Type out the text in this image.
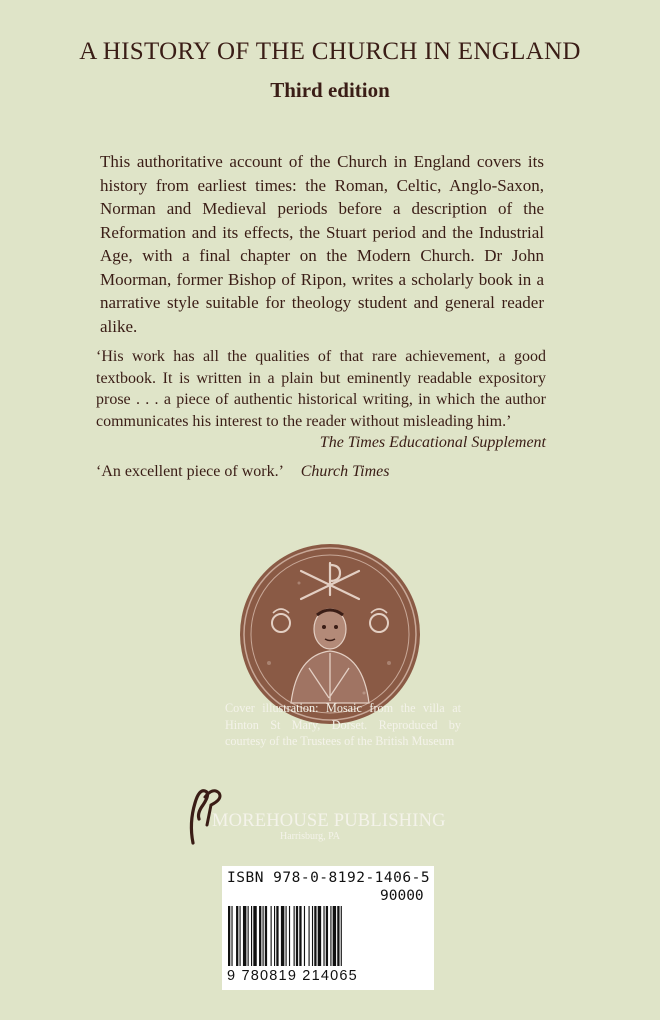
A HISTORY OF THE CHURCH IN ENGLAND
Third edition

This authoritative account of the Church in England covers its history from earliest times: the Roman, Celtic, Anglo-Saxon, Norman and Medieval periods before a description of the Reformation and its effects, the Stuart period and the Industrial Age, with a final chapter on the Modern Church. Dr John Moorman, former Bishop of Ripon, writes a scholarly book in a narrative style suitable for theology student and general reader alike.

‘His work has all the qualities of that rare achievement, a good textbook. It is written in a plain but eminently readable expository prose . . . a piece of authentic historical writing, in which the author communicates his interest to the reader without misleading him.’
The Times Educational Supplement

‘An excellent piece of work.’ Church Times

Cover illustration: Mosaic from the villa at Hinton St Mary, Dorset. Reproduced by courtesy of the Trustees of the British Museum

MOREHOUSE PUBLISHING

Harrisburg, PA

ISBN 978-0-8192-1406-5
90000
9 780819 214065
